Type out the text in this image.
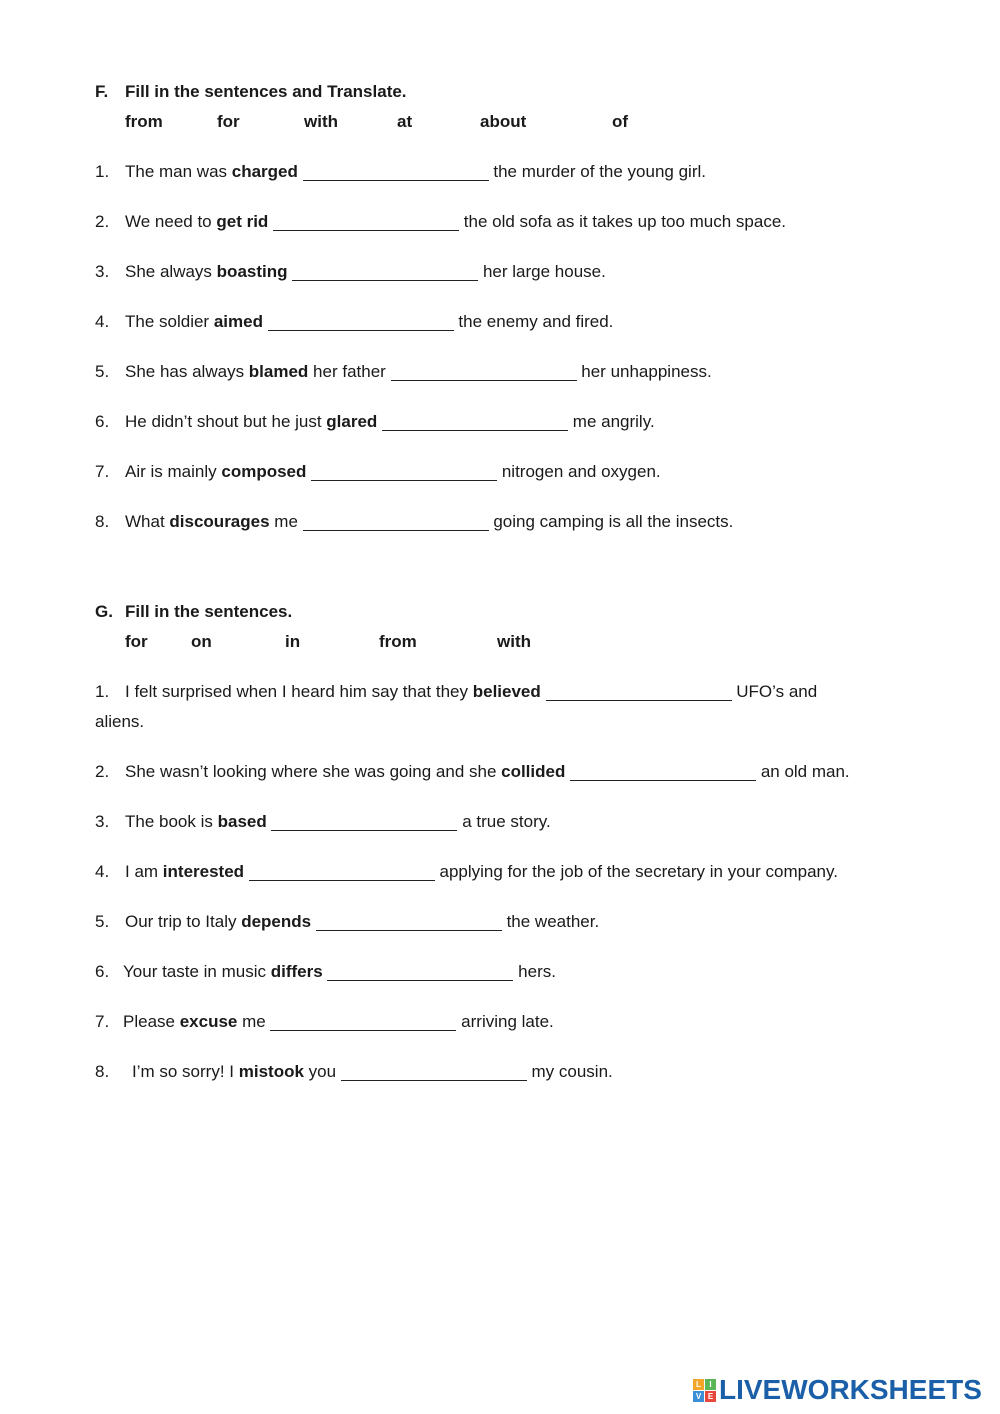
F. Fill in the sentences and Translate.
from	for	with	at	about	of
1. The man was charged	the murder of the young girl.
2. We need to get rid	the old sofa as it takes up too much space.
3. She always boasting	her large house.
4. The soldier aimed	the enemy and fired.
5. She has always blamed her father	her unhappiness.
6. He didn’t shout but he just glared	me angrily.
7. Air is mainly composed	nitrogen and oxygen.
8. What discourages me	going camping is all the insects.
G. Fill in the sentences.
for	on	in	from	with
1. I felt surprised when I heard him say that they believed	UFO’s and
aliens.
2. She wasn’t looking where she was going and she collided	an old man.
3. The book is based	a true story.
4. I am interested	applying for the job of the secretary in your company.
5. Our trip to Italy depends	the weather.
6. Your taste in music differs	hers.
7. Please excuse me	arriving late.
8. I’m so sorry! I mistook you	my cousin.
L	I
V E LIVEWORKSHEETS
